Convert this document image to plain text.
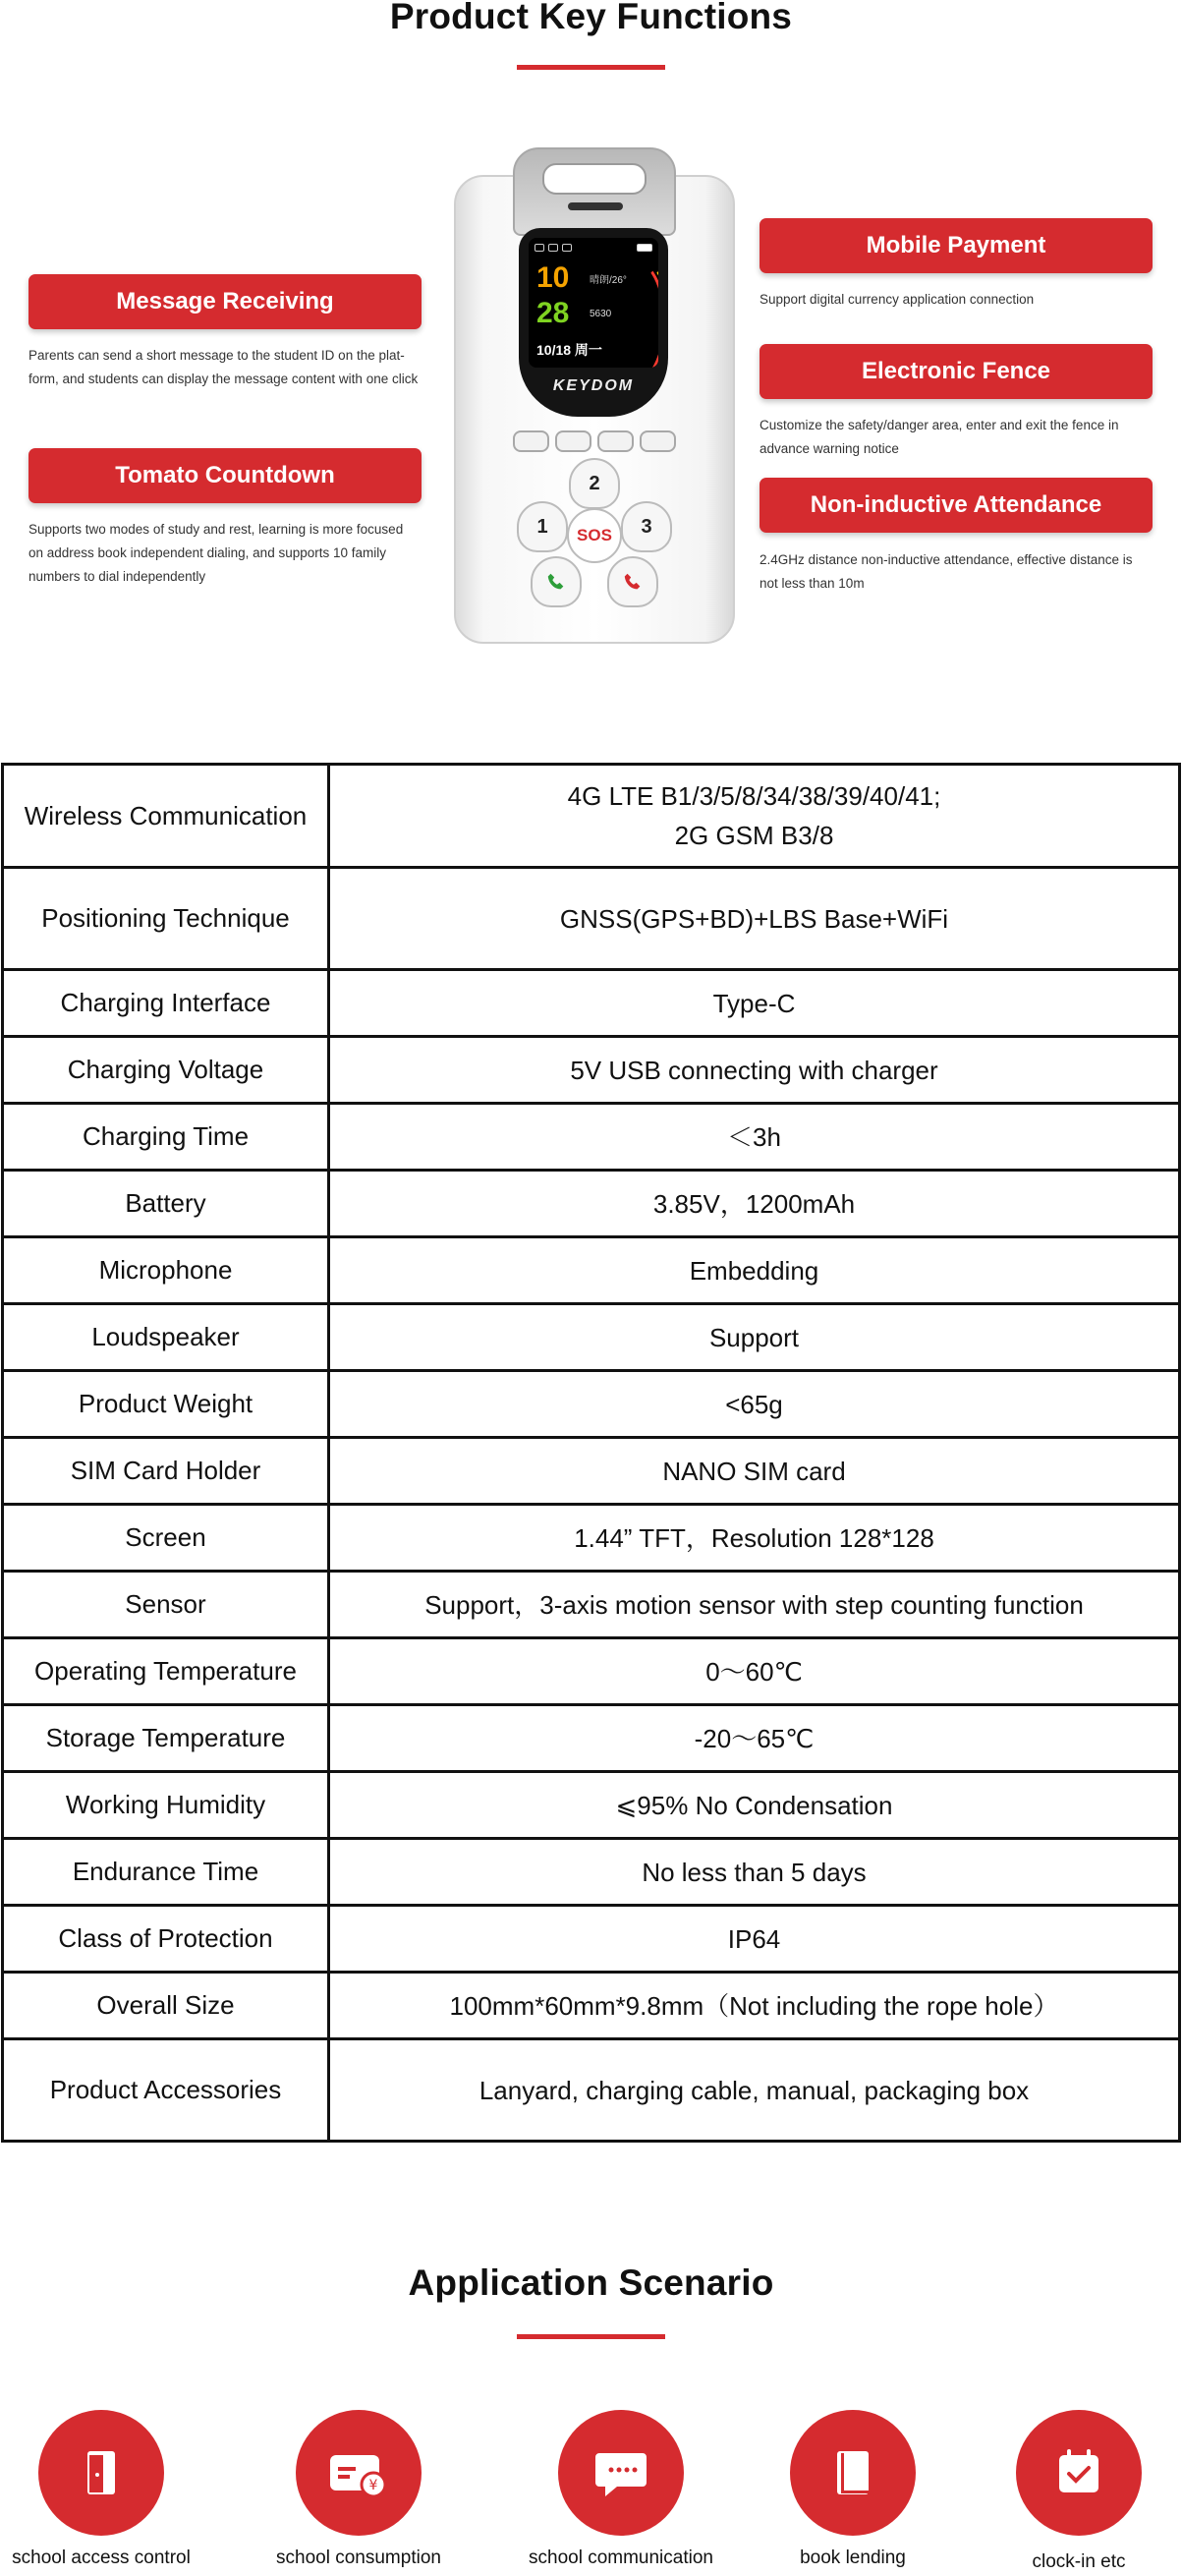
Product Key Functions
Message Receiving
Parents can send a short message to the student ID on the plat-
form, and students can display the message content with one click
Tomato Countdown
Supports two modes of study and rest, learning is more focused
on address book independent dialing, and supports 10 family
numbers to dial independently
Mobile Payment
Support digital currency application connection
Electronic Fence
Customize the safety/danger area, enter and exit the fence in
advance warning notice
Non-inductive Attendance
2.4GHz distance non-inductive attendance, effective distance is
not less than 10m
10
28
晴朗/26°
5630
10/18 周一
KEYDOM
2
1	3
SOS
Wireless Communication	4G LTE B1/3/5/8/34/38/39/40/41;
2G GSM B3/8

Positioning Technique	GNSS(GPS+BD)+LBS Base+WiFi

Charging Interface	Type-C

Charging Voltage	5V USB connecting with charger

Charging Time	＜3h

Battery	3.85V，1200mAh

Microphone	Embedding

Loudspeaker	Support

Product Weight	<65g

SIM Card Holder	NANO SIM card

Screen	1.44” TFT，Resolution 128*128

Sensor	Support，3-axis motion sensor with step counting function

Operating Temperature	0～60℃

Storage Temperature	-20～65℃

Working Humidity	⩽95% No Condensation

Endurance Time	No less than 5 days

Class of Protection	IP64

Overall Size	100mm*60mm*9.8mm（Not including the rope hole）

Product Accessories	Lanyard, charging cable, manual, packaging box
Application Scenario
school access control
¥
school consumption	school communication	book lending	clock-in etc
